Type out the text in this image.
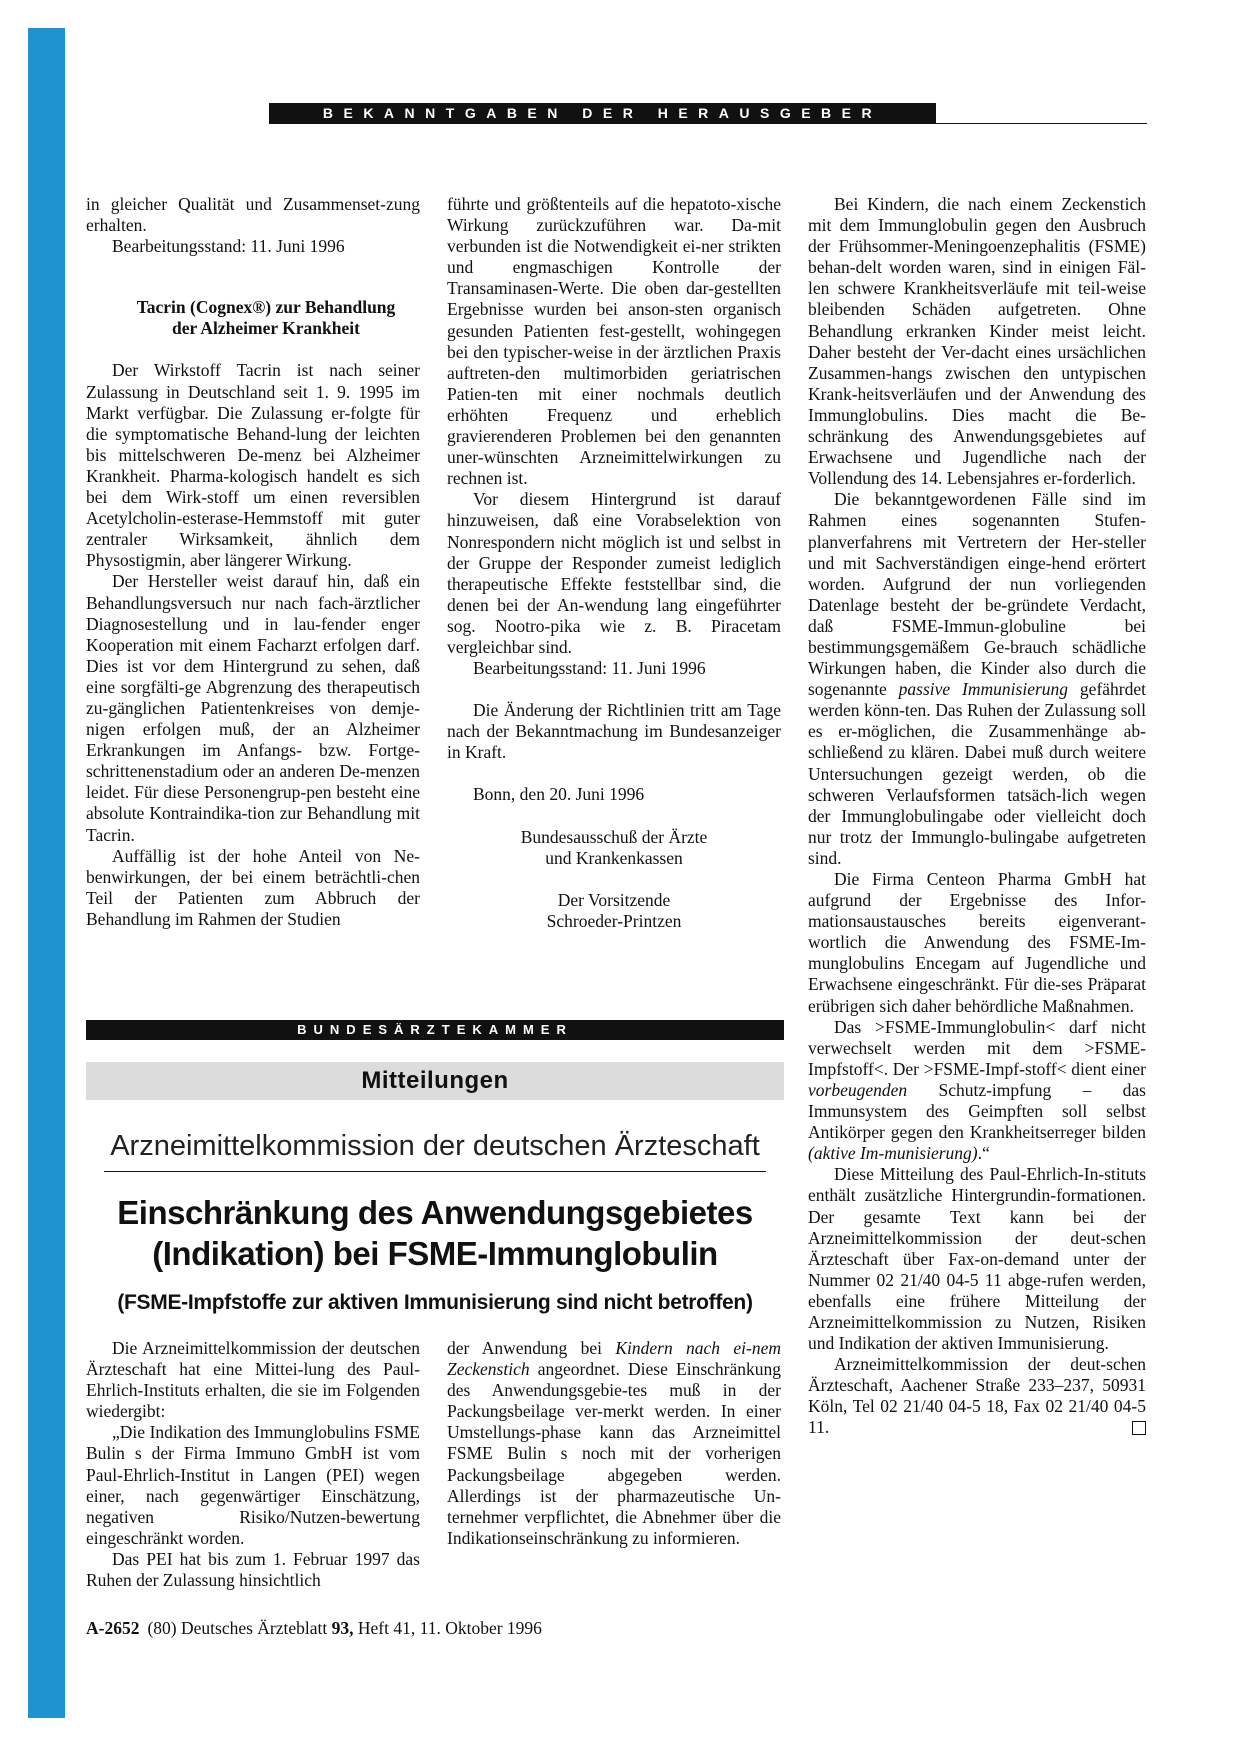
BEKANNTGABEN DER HERAUSGEBER

in gleicher Qualität und Zusammenset-zung erhalten.

Bearbeitungsstand: 11. Juni 1996

Tacrin (Cognex®) zur Behandlung

der Alzheimer Krankheit

Der Wirkstoff Tacrin ist nach seiner Zulassung in Deutschland seit 1. 9. 1995 im Markt verfügbar. Die Zulassung er-folgte für die symptomatische Behand-lung der leichten bis mittelschweren De-menz bei Alzheimer Krankheit. Pharma-kologisch handelt es sich bei dem Wirk-stoff um einen reversiblen Acetylcholin-esterase-Hemmstoff mit guter zentraler Wirksamkeit, ähnlich dem Physostigmin, aber längerer Wirkung.

Der Hersteller weist darauf hin, daß ein Behandlungsversuch nur nach fach-ärztlicher Diagnosestellung und in lau-fender enger Kooperation mit einem Facharzt erfolgen darf. Dies ist vor dem Hintergrund zu sehen, daß eine sorgfälti-ge Abgrenzung des therapeutisch zu-gänglichen Patientenkreises von demje-nigen erfolgen muß, der an Alzheimer Erkrankungen im Anfangs- bzw. Fortge-schrittenenstadium oder an anderen De-menzen leidet. Für diese Personengrup-pen besteht eine absolute Kontraindika-tion zur Behandlung mit Tacrin.

Auffällig ist der hohe Anteil von Ne-benwirkungen, der bei einem beträchtli-chen Teil der Patienten zum Abbruch der Behandlung im Rahmen der Studien

führte und größtenteils auf die hepatoto-xische Wirkung zurückzuführen war. Da-mit verbunden ist die Notwendigkeit ei-ner strikten und engmaschigen Kontrolle der Transaminasen-Werte. Die oben dar-gestellten Ergebnisse wurden bei anson-sten organisch gesunden Patienten fest-gestellt, wohingegen bei den typischer-weise in der ärztlichen Praxis auftreten-den multimorbiden geriatrischen Patien-ten mit einer nochmals deutlich erhöhten Frequenz und erheblich gravierenderen Problemen bei den genannten uner-wünschten Arzneimittelwirkungen zu rechnen ist.

Vor diesem Hintergrund ist darauf hinzuweisen, daß eine Vorabselektion von Nonrespondern nicht möglich ist und selbst in der Gruppe der Responder zumeist lediglich therapeutische Effekte feststellbar sind, die denen bei der An-wendung lang eingeführter sog. Nootro-pika wie z. B. Piracetam vergleichbar sind.

Bearbeitungsstand: 11. Juni 1996

Die Änderung der Richtlinien tritt am Tage nach der Bekanntmachung im Bundesanzeiger in Kraft.

Bonn, den 20. Juni 1996

Bundesausschuß der Ärzte

und Krankenkassen

Der Vorsitzende

Schroeder-Printzen

Bei Kindern, die nach einem Zeckenstich mit dem Immunglobulin gegen den Ausbruch der Frühsommer-Meningoenzephalitis (FSME) behan-delt worden waren, sind in einigen Fäl-len schwere Krankheitsverläufe mit teil-weise bleibenden Schäden aufgetreten. Ohne Behandlung erkranken Kinder meist leicht. Daher besteht der Ver-dacht eines ursächlichen Zusammen-hangs zwischen den untypischen Krank-heitsverläufen und der Anwendung des Immunglobulins. Dies macht die Be-schränkung des Anwendungsgebietes auf Erwachsene und Jugendliche nach der Vollendung des 14. Lebensjahres er-forderlich.

Die bekanntgewordenen Fälle sind im Rahmen eines sogenannten Stufen-planverfahrens mit Vertretern der Her-steller und mit Sachverständigen einge-hend erörtert worden. Aufgrund der nun vorliegenden Datenlage besteht der be-gründete Verdacht, daß FSME-Immun-globuline bei bestimmungsgemäßem Ge-brauch schädliche Wirkungen haben, die Kinder also durch die sogenannte passive Immunisierung gefährdet werden könn-ten. Das Ruhen der Zulassung soll es er-möglichen, die Zusammenhänge ab-schließend zu klären. Dabei muß durch weitere Untersuchungen gezeigt werden, ob die schweren Verlaufsformen tatsäch-lich wegen der Immunglobulingabe oder vielleicht doch nur trotz der Immunglo-bulingabe aufgetreten sind.

Die Firma Centeon Pharma GmbH hat aufgrund der Ergebnisse des Infor-mationsaustausches bereits eigenverant-wortlich die Anwendung des FSME-Im-munglobulins Encegam auf Jugendliche und Erwachsene eingeschränkt. Für die-ses Präparat erübrigen sich daher behördliche Maßnahmen.

Das >FSME-Immunglobulin< darf nicht verwechselt werden mit dem >FSME-Impfstoff<. Der >FSME-Impf-stoff< dient einer vorbeugenden Schutz-impfung – das Immunsystem des Geimpften soll selbst Antikörper gegen den Krankheitserreger bilden (aktive Im-munisierung).“

Diese Mitteilung des Paul-Ehrlich-In-stituts enthält zusätzliche Hintergrundin-formationen. Der gesamte Text kann bei der Arzneimittelkommission der deut-schen Ärzteschaft über Fax-on-demand unter der Nummer 02 21/40 04-5 11 abge-rufen werden, ebenfalls eine frühere Mitteilung der Arzneimittelkommission zu Nutzen, Risiken und Indikation der aktiven Immunisierung.

Arzneimittelkommission der deut-schen Ärzteschaft, Aachener Straße 233–237, 50931 Köln, Tel 02 21/40 04-5 18, Fax 02 21/40 04-5 11.

BUNDESÄRZTEKAMMER
Mitteilungen
Arzneimittelkommission der deutschen Ärzteschaft
Einschränkung des Anwendungsgebietes
(Indikation) bei FSME-Immunglobulin
(FSME-Impfstoffe zur aktiven Immunisierung sind nicht betroffen)

Die Arzneimittelkommission der deutschen Ärzteschaft hat eine Mittei-lung des Paul-Ehrlich-Instituts erhalten, die sie im Folgenden wiedergibt:

„Die Indikation des Immunglobulins FSME Bulin s der Firma Immuno GmbH ist vom Paul-Ehrlich-Institut in Langen (PEI) wegen einer, nach gegenwärtiger Einschätzung, negativen Risiko/Nutzen-bewertung eingeschränkt worden.

Das PEI hat bis zum 1. Februar 1997 das Ruhen der Zulassung hinsichtlich

der Anwendung bei Kindern nach ei-nem Zeckenstich angeordnet. Diese Einschränkung des Anwendungsgebie-tes muß in der Packungsbeilage ver-merkt werden. In einer Umstellungs-phase kann das Arzneimittel FSME Bulin s noch mit der vorherigen Packungsbeilage abgegeben werden. Allerdings ist der pharmazeutische Un-ternehmer verpflichtet, die Abnehmer über die Indikationseinschränkung zu informieren.

A-2652 (80) Deutsches Ärzteblatt 93, Heft 41, 11. Oktober 1996
